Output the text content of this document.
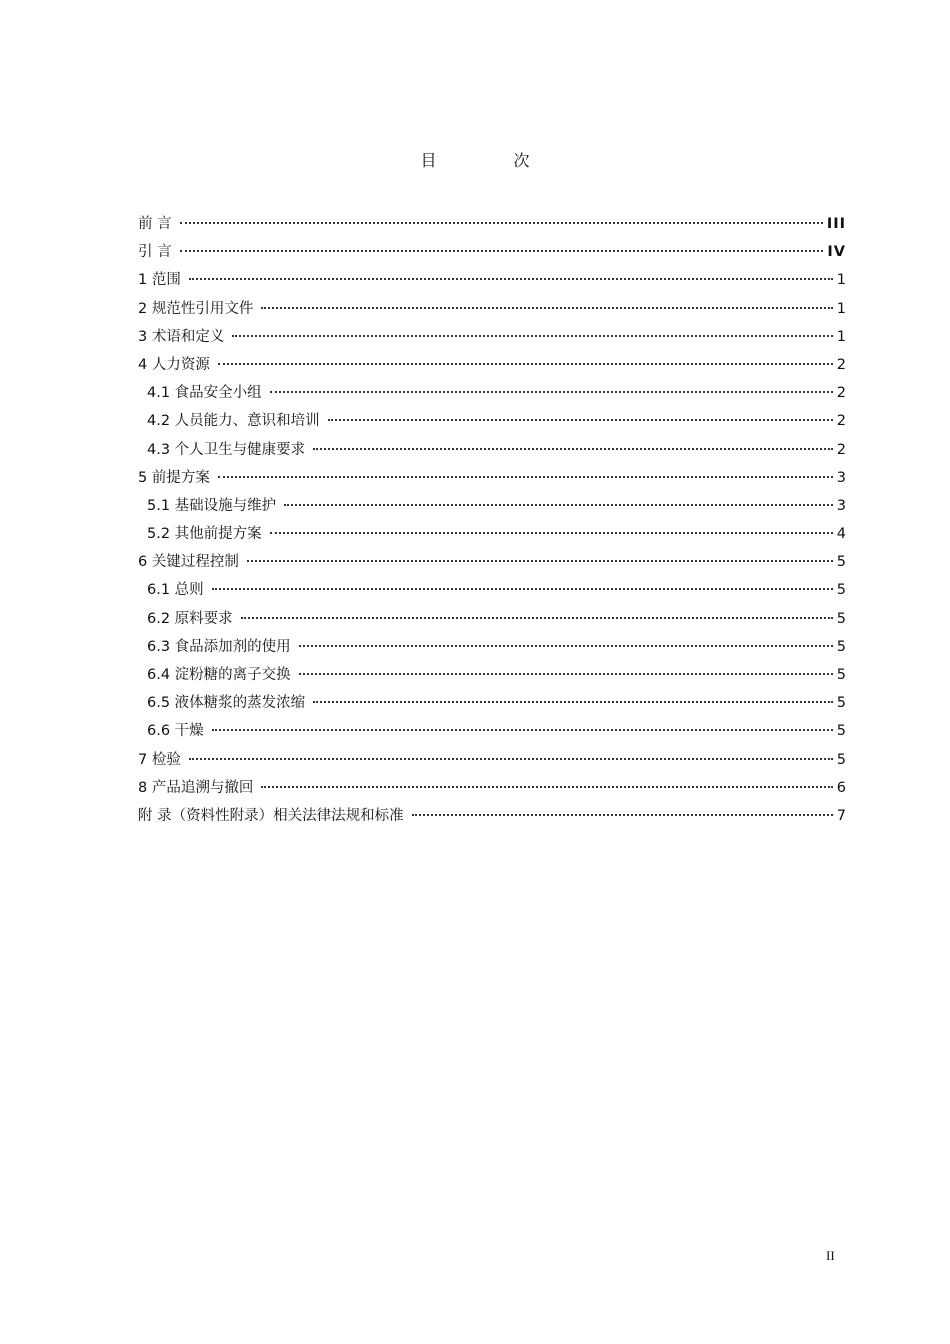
目 次
前 言	III
引 言	IV
1 范围	1
2 规范性引用文件	1
3 术语和定义	1
4 人力资源	2
4.1 食品安全小组	2
4.2 人员能力、意识和培训	2
4.3 个人卫生与健康要求	2
5 前提方案	3
5.1 基础设施与维护	3
5.2 其他前提方案	4
6 关键过程控制	5
6.1 总则	5
6.2 原料要求	5
6.3 食品添加剂的使用	5
6.4 淀粉糖的离子交换	5
6.5 液体糖浆的蒸发浓缩	5
6.6 干燥	5
7 检验	5
8 产品追溯与撤回	6
附 录（资料性附录）相关法律法规和标准	7
II
